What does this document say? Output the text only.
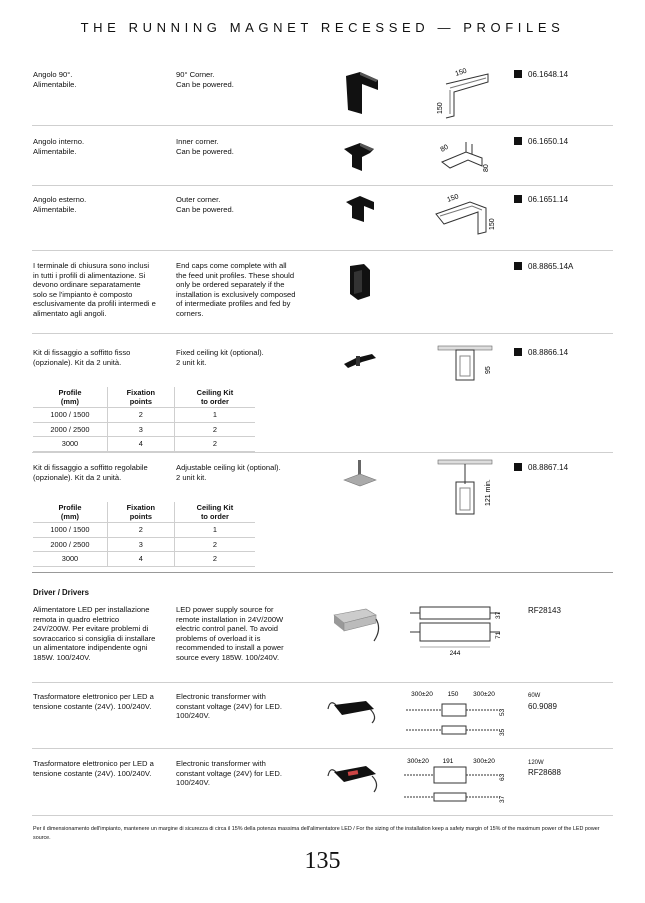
THE RUNNING MAGNET RECESSED — PROFILES
Angolo 90°.
Alimentabile.
90° Corner.
Can be powered.
150
150
06.1648.14
Angolo interno.
Alimentabile.
Inner corner.
Can be powered.	80
80
06.1650.14
Angolo esterno.
Alimentabile.
Outer corner.
Can be powered.
150
150
06.1651.14
I terminale di chiusura sono inclusi
in tutti i profili di alimentazione. Si
devono ordinare separatamente
solo se l'impianto è composto
esclusivamente da profili intermedi e
alimentato agli angoli.
End caps come complete with all
the feed unit profiles. These should
only be ordered separately if the
installation is exclusively composed
of intermediate profiles and fed by
corners.
08.8865.14A
Kit di fissaggio a soffitto fisso
(opzionale). Kit da 2 unità.
Fixed ceiling kit (optional).
2 unit kit.
95
08.8866.14
Profile
(mm)	Fixation
points	Ceiling Kit
to order
1000 / 1500	2	1
2000 / 2500	3	2
3000	4	2
Kit di fissaggio a soffitto regolabile
(opzionale). Kit da 2 unità.
Adjustable ceiling kit (optional).
2 unit kit.
121 min.
08.8867.14
Profile
(mm)	Fixation
points	Ceiling Kit
to order
1000 / 1500	2	1
2000 / 2500	3	2
3000	4	2
Driver / Drivers
Alimentatore LED per installazione
remota in quadro elettrico
24V/200W. Per evitare problemi di
sovraccarico si consiglia di installare
un alimentatore indipendente ogni
185W. 100/240V.
LED power supply source for
remote installation in 24V/200W
electric control panel. To avoid
problems of overload it is
recommended to install a power
source every 185W. 100/240V.
37
71
244
RF28143
Trasformatore elettronico per LED a
tensione costante (24V). 100/240V.
Electronic transformer with
constant voltage (24V) for LED.
100/240V.
300±20 150 300±20
53
35
60W
60.9089
Trasformatore elettronico per LED a
tensione costante (24V). 100/240V.
Electronic transformer with
constant voltage (24V) for LED.
100/240V.
300±20 191	300±20
63
37
120W
RF28688
Per il dimensionamento dell'impianto, mantenere un margine di sicurezza di circa il 15% della potenza massima dell'alimentatore LED / For the sizing of the installation keep a safety margin of 15% of the maximum power of the LED power source.
135
